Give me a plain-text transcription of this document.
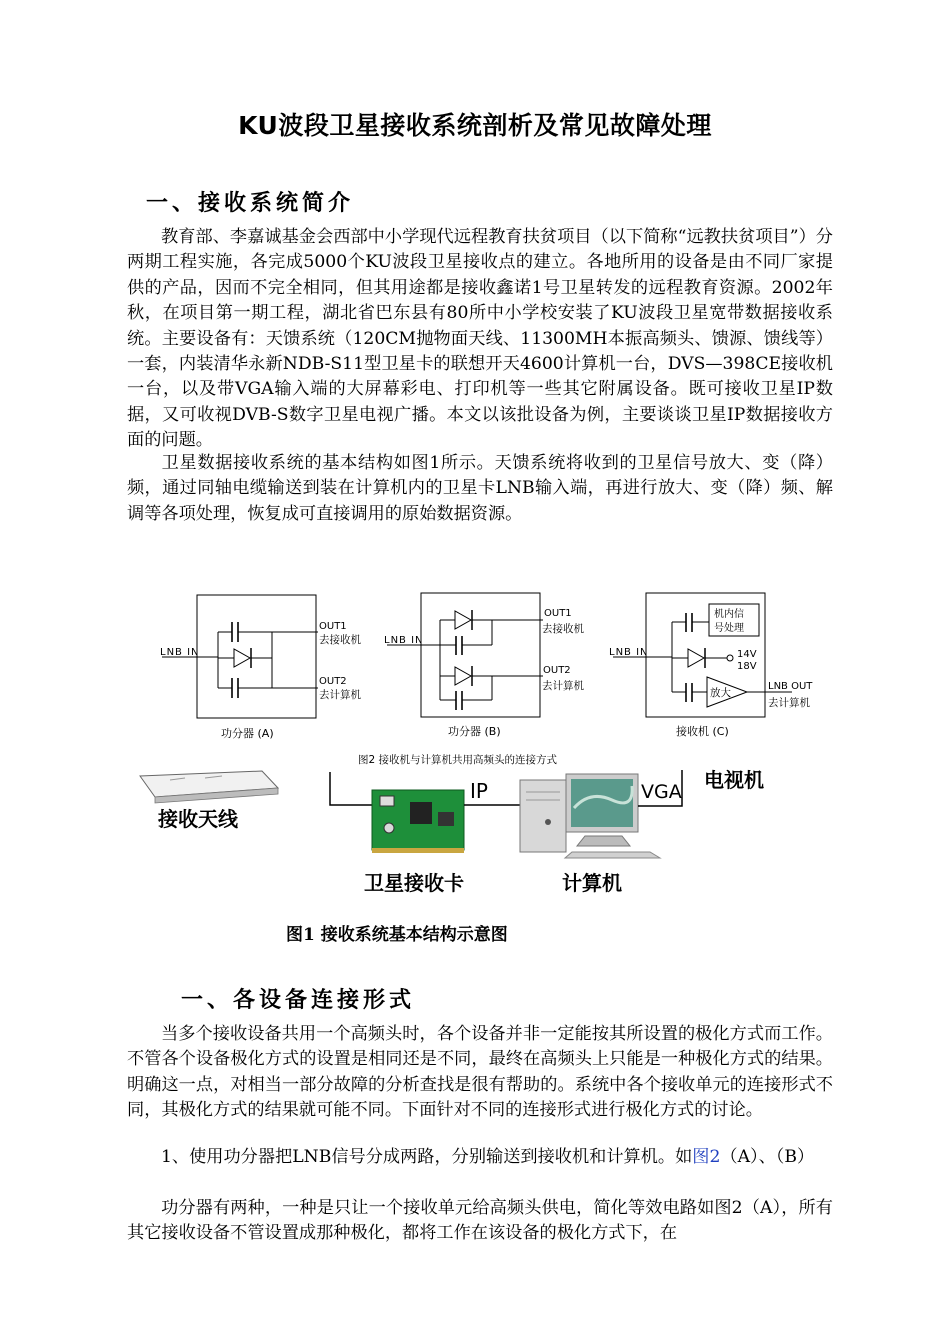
KU波段卫星接收系统剖析及常见故障处理
一、接收系统简介

教育部、李嘉诚基金会西部中小学现代远程教育扶贫项目（以下简称“远教扶贫项目”）分两期工程实施，各完成5000个KU波段卫星接收点的建立。各地所用的设备是由不同厂家提供的产品，因而不完全相同，但其用途都是接收鑫诺1号卫星转发的远程教育资源。2002年秋，在项目第一期工程，湖北省巴东县有80所中小学校安装了KU波段卫星宽带数据接收系统。主要设备有：天馈系统（120CM抛物面天线、11300MH本振高频头、馈源、馈线等）一套，内装清华永新NDB-S11型卫星卡的联想开天4600计算机一台，DVS—398CE接收机一台，以及带VGA输入端的大屏幕彩电、打印机等一些其它附属设备。既可接收卫星IP数据，又可收视DVB-S数字卫星电视广播。本文以该批设备为例，主要谈谈卫星IP数据接收方面的问题。

卫星数据接收系统的基本结构如图1所示。天馈系统将收到的卫星信号放大、变（降）频，通过同轴电缆输送到装在计算机内的卫星卡LNB输入端，再进行放大、变（降）频、解调等各项处理，恢复成可直接调用的原始数据资源。

LNB IN
OUT1
去接收机
OUT2
去计算机
功分器 (A)
LNB IN
OUT1
去接收机
OUT2
去计算机
功分器 (B)
机内信
号处理
14V
18V
放大
LNB OUT
去计算机
LNB IN
接收机 (C)
图2 接收机与计算机共用高频头的连接方式
接收天线
卫星接收卡
IP
计算机
VGA 电视机

图1 接收系统基本结构示意图

一、各设备连接形式

当多个接收设备共用一个高频头时，各个设备并非一定能按其所设置的极化方式而工作。不管各个设备极化方式的设置是相同还是不同，最终在高频头上只能是一种极化方式的结果。明确这一点，对相当一部分故障的分析查找是很有帮助的。系统中各个接收单元的连接形式不同，其极化方式的结果就可能不同。下面针对不同的连接形式进行极化方式的讨论。

1、使用功分器把LNB信号分成两路，分别输送到接收机和计算机。如图2（A）、（B）

功分器有两种，一种是只让一个接收单元给高频头供电，简化等效电路如图2（A），所有其它接收设备不管设置成那种极化，都将工作在该设备的极化方式下，在
